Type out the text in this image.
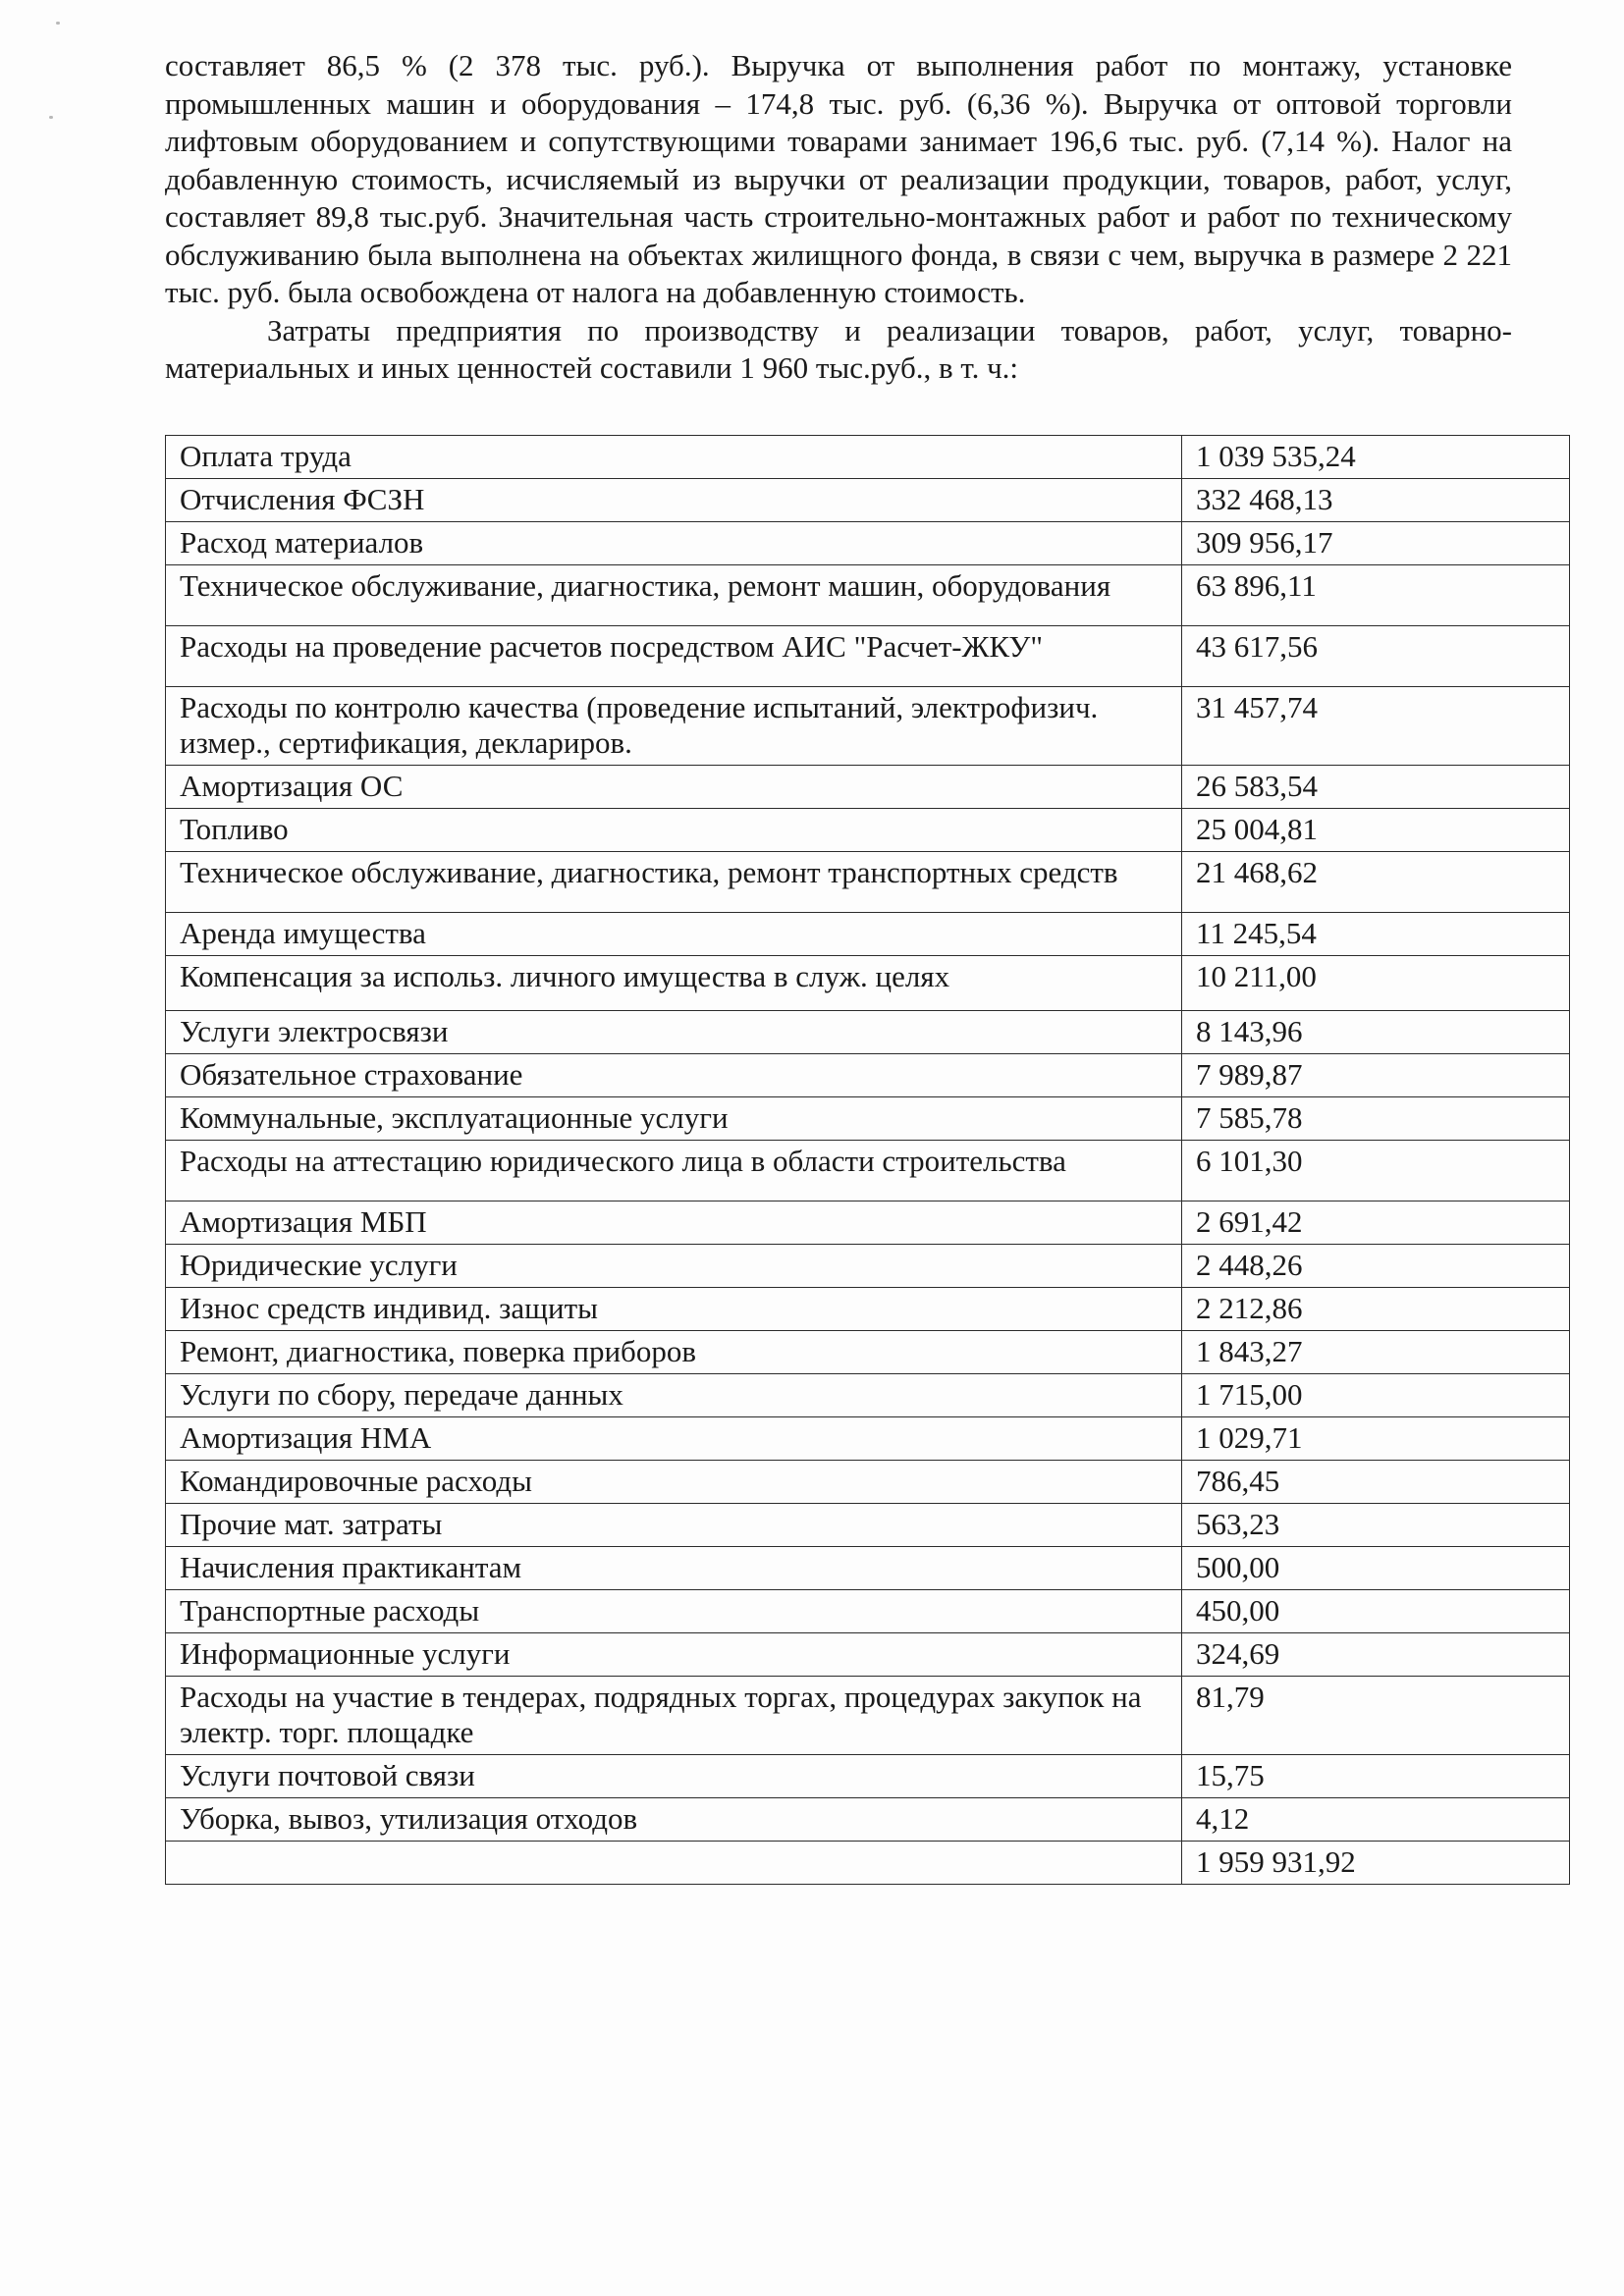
составляет 86,5 % (2 378 тыс. руб.). Выручка от выполнения работ по монтажу, установке промышленных машин и оборудования – 174,8 тыс. руб. (6,36 %). Выручка от оптовой торговли лифтовым оборудованием и сопутствующими товарами занимает 196,6 тыс. руб. (7,14 %). Налог на добавленную стоимость, исчисляемый из выручки от реализации продукции, товаров, работ, услуг, составляет 89,8 тыс.руб. Значительная часть строительно-монтажных работ и работ по техническому обслуживанию была выполнена на объектах жилищного фонда, в связи с чем, выручка в размере 2 221 тыс. руб. была освобождена от налога на добавленную стоимость.

Затраты предприятия по производству и реализации товаров, работ, услуг, товарно-материальных и иных ценностей составили 1 960 тыс.руб., в т. ч.:

Оплата труда	1 039 535,24
Отчисления ФСЗН	332 468,13
Расход материалов	309 956,17
Техническое обслуживание, диагностика, ремонт машин, оборудования	63 896,11
Расходы на проведение расчетов посредством АИС "Расчет-ЖКУ"	43 617,56
Расходы по контролю качества (проведение испытаний, электрофизич. измер., сертификация, деклариров.	31 457,74
Амортизация ОС	26 583,54
Топливо	25 004,81
Техническое обслуживание, диагностика, ремонт транспортных средств	21 468,62
Аренда имущества	11 245,54
Компенсация за использ. личного имущества в служ. целях	10 211,00
Услуги электросвязи	8 143,96
Обязательное страхование	7 989,87
Коммунальные, эксплуатационные услуги	7 585,78
Расходы на аттестацию юридического лица в области строительства	6 101,30
Амортизация МБП	2 691,42
Юридические услуги	2 448,26
Износ средств индивид. защиты	2 212,86
Ремонт, диагностика, поверка приборов	1 843,27
Услуги по сбору, передаче данных	1 715,00
Амортизация НМА	1 029,71
Командировочные расходы	786,45
Прочие мат. затраты	563,23
Начисления практикантам	500,00
Транспортные расходы	450,00
Информационные услуги	324,69
Расходы на участие в тендерах, подрядных торгах, процедурах закупок на электр. торг. площадке	81,79
Услуги почтовой связи	15,75
Уборка, вывоз, утилизация отходов	4,12
	1 959 931,92
